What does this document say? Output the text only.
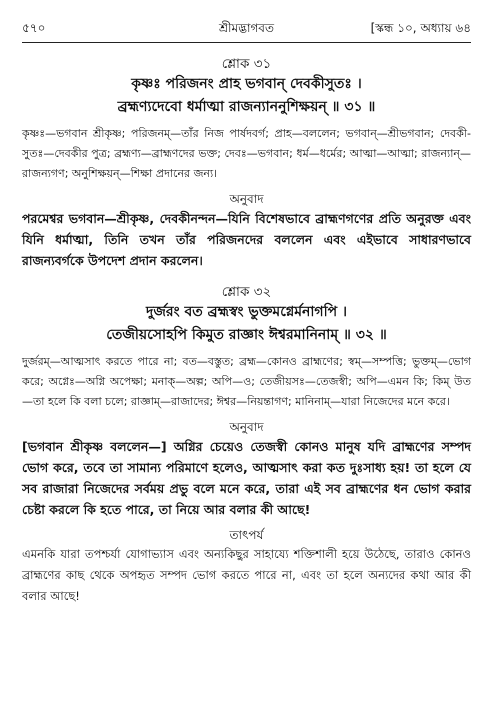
৫৭০	শ্রীমদ্ভাগবত	[স্কন্ধ ১০, অধ্যায় ৬৪
শ্লোক ৩১
কৃষ্ণঃ পরিজনং প্রাহ ভগবান্ দেবকীসুতঃ ।
ব্রহ্মণ্যদেবো ধর্মাত্মা রাজন্যাননুশিক্ষয়ন্ ॥ ৩১ ॥
কৃষ্ণঃ—ভগবান শ্রীকৃষ্ণ; পরিজনম্—তাঁর নিজ পার্ষদবর্গ; প্রাহ—বললেন; ভগবান্—শ্রীভগবান; দেবকী-সুতঃ—দেবকীর পুত্র; ব্রহ্মণ্য—ব্রাহ্মণদের ভক্ত; দেবঃ—ভগবান; ধর্ম—ধর্মের; আত্মা—আত্মা; রাজন্যান্—রাজন্যগণ; অনুশিক্ষয়ন্—শিক্ষা প্রদানের জন্য।
অনুবাদ
পরমেশ্বর ভগবান—শ্রীকৃষ্ণ, দেবকীনন্দন—যিনি বিশেষভাবে ব্রাহ্মণগণের প্রতি অনুরক্ত এবং যিনি ধর্মাত্মা, তিনি তখন তাঁর পরিজনদের বললেন এবং এইভাবে সাধারণভাবে রাজন্যবর্গকে উপদেশ প্রদান করলেন।
শ্লোক ৩২
দুর্জরং বত ব্রহ্মস্বং ভুক্তমগ্নের্মনাগপি ।
তেজীয়সোহপি কিমুত রাজ্ঞাং ঈশ্বরমানিনাম্ ॥ ৩২ ॥
দুর্জরম্—আত্মসাৎ করতে পারে না; বত—বস্তুত; ব্রহ্ম—কোনও ব্রাহ্মণের; স্বম্—সম্পত্তি; ভুক্তম্—ভোগ করে; অগ্নেঃ—অগ্নি অপেক্ষা; মনাক্—অল্প; অপি—ও; তেজীয়সঃ—তেজস্বী; অপি—এমন কি; কিম্ উত—তা হলে কি বলা চলে; রাজ্ঞাম্—রাজাদের; ঈশ্বর—নিয়ন্তাগণ; মানিনাম্—যারা নিজেদের মনে করে।
অনুবাদ
[ভগবান শ্রীকৃষ্ণ বললেন—] অগ্নির চেয়েও তেজস্বী কোনও মানুষ যদি ব্রাহ্মণের সম্পদ ভোগ করে, তবে তা সামান্য পরিমাণে হলেও, আত্মসাৎ করা কত দুঃসাধ্য হয়! তা হলে যে সব রাজারা নিজেদের সর্বময় প্রভু বলে মনে করে, তারা এই সব ব্রাহ্মণের ধন ভোগ করার চেষ্টা করলে কি হতে পারে, তা নিয়ে আর বলার কী আছে!
তাৎপর্য
এমনকি যারা তপশ্চর্যা যোগাভ্যাস এবং অন্যকিছুর সাহায্যে শক্তিশালী হয়ে উঠেছে, তারাও কোনও ব্রাহ্মণের কাছ থেকে অপহৃত সম্পদ ভোগ করতে পারে না, এবং তা হলে অন্যদের কথা আর কী বলার আছে!
